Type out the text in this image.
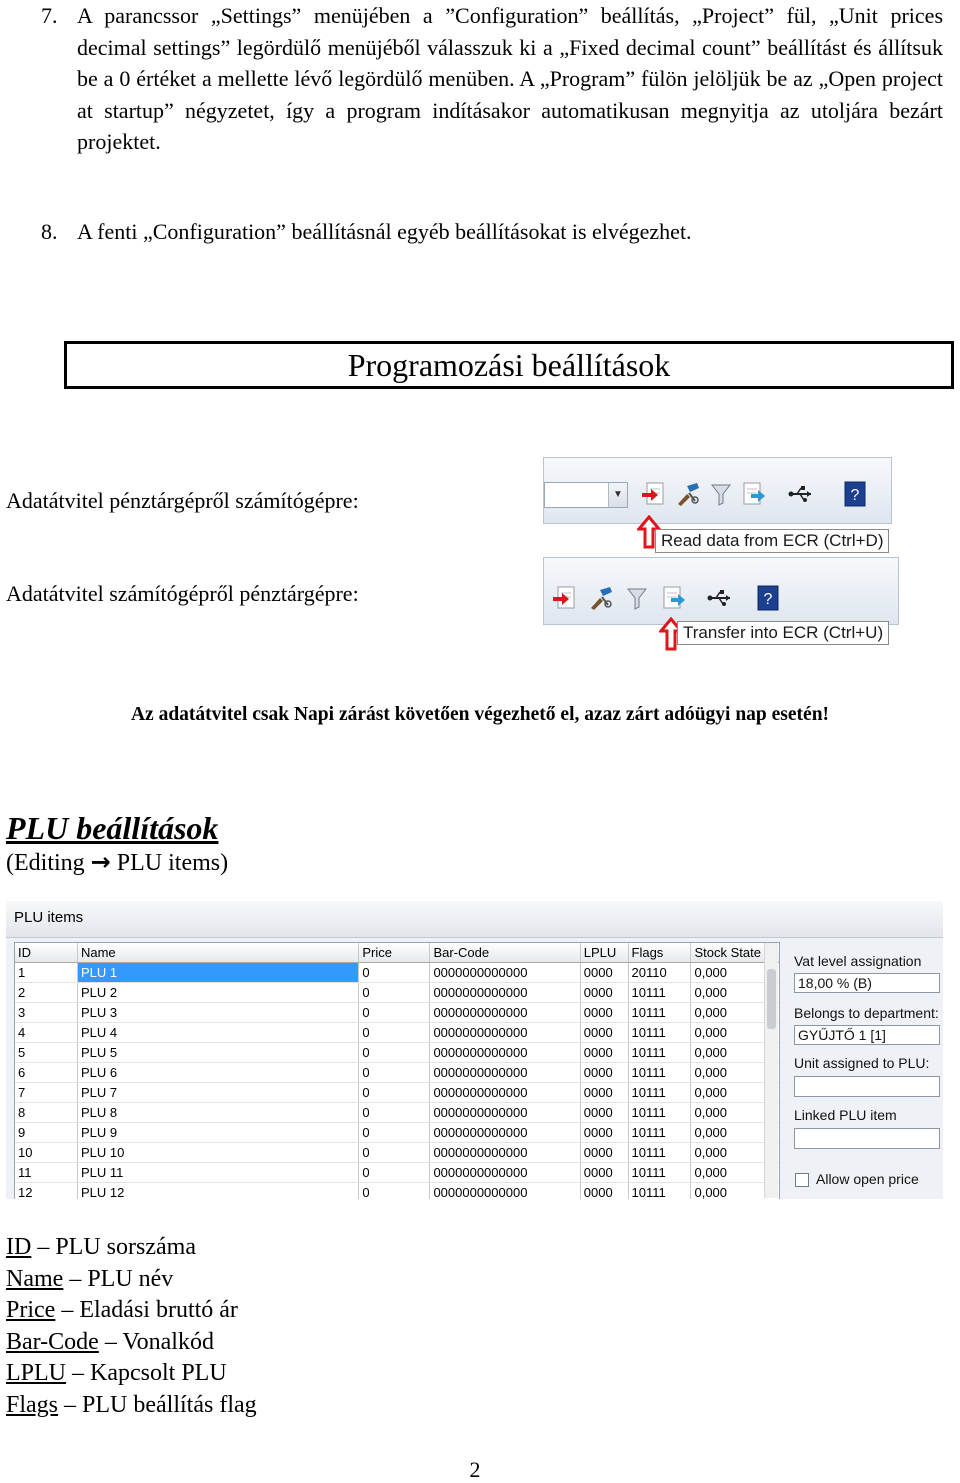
7. A parancssor „Settings” menüjében a ”Configuration” beállítás, „Project” fül, „Unit prices decimal settings” legördülő menüjéből válasszuk ki a „Fixed decimal count” beállítást és állítsuk be a 0 értéket a mellette lévő legördülő menüben. A „Program” fülön jelöljük be az „Open project at startup” négyzetet, így a program indításakor automatikusan megnyitja az utoljára bezárt projektet.
8. A fenti „Configuration” beállításnál egyéb beállításokat is elvégezhet.
Programozási beállítások
Adatátvitel pénztárgépről számítógépre:
Adatátvitel számítógépről pénztárgépre:
▼	?
Read data from ECR (Ctrl+D)
?
Transfer into ECR (Ctrl+U)
Az adatátvitel csak Napi zárást követően végezhető el, azaz zárt adóügyi nap esetén!
PLU beállítások
(Editing → PLU items)
PLU items
ID	Name	Price	Bar-Code	LPLU	Flags	Stock State
1	PLU 1	0	0000000000000	0000	20110	0,000
2	PLU 2	0	0000000000000	0000	10111	0,000
3	PLU 3	0	0000000000000	0000	10111	0,000
4	PLU 4	0	0000000000000	0000	10111	0,000
5	PLU 5	0	0000000000000	0000	10111	0,000
6	PLU 6	0	0000000000000	0000	10111	0,000
7	PLU 7	0	0000000000000	0000	10111	0,000
8	PLU 8	0	0000000000000	0000	10111	0,000
9	PLU 9	0	0000000000000	0000	10111	0,000
10	PLU 10	0	0000000000000	0000	10111	0,000
11	PLU 11	0	0000000000000	0000	10111	0,000
12	PLU 12	0	0000000000000	0000	10111	0,000
Vat level assignation
18,00 % (B)
Belongs to department:
GYŰJTŐ 1 [1]
Unit assigned to PLU:
Linked PLU item
Allow open price
ID – PLU sorszáma
Name – PLU név
Price – Eladási bruttó ár
Bar-Code – Vonalkód
LPLU – Kapcsolt PLU
Flags – PLU beállítás flag
2
